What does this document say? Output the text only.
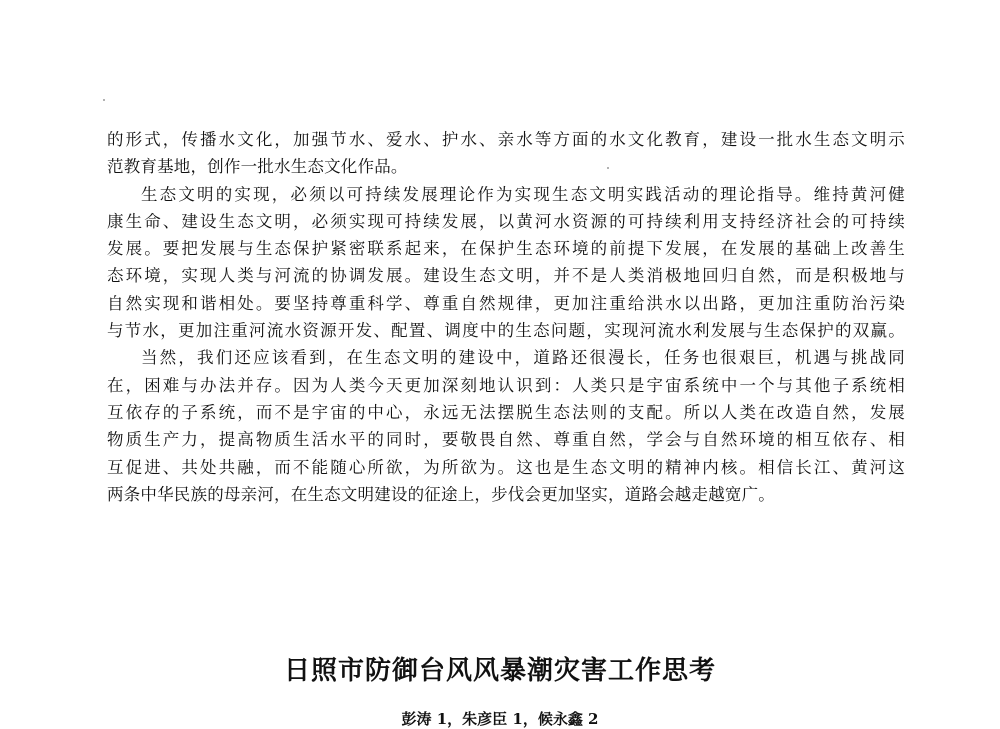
的形式，传播水文化，加强节水、爱水、护水、亲水等方面的水文化教育，建设一批水生态文明示
范教育基地，创作一批水生态文化作品。
生态文明的实现，必须以可持续发展理论作为实现生态文明实践活动的理论指导。维持黄河健
康生命、建设生态文明，必须实现可持续发展，以黄河水资源的可持续利用支持经济社会的可持续
发展。要把发展与生态保护紧密联系起来，在保护生态环境的前提下发展，在发展的基础上改善生
态环境，实现人类与河流的协调发展。建设生态文明，并不是人类消极地回归自然，而是积极地与
自然实现和谐相处。要坚持尊重科学、尊重自然规律，更加注重给洪水以出路，更加注重防治污染
与节水，更加注重河流水资源开发、配置、调度中的生态问题，实现河流水利发展与生态保护的双赢。
当然，我们还应该看到，在生态文明的建设中，道路还很漫长，任务也很艰巨，机遇与挑战同
在，困难与办法并存。因为人类今天更加深刻地认识到：人类只是宇宙系统中一个与其他子系统相
互依存的子系统，而不是宇宙的中心，永远无法摆脱生态法则的支配。所以人类在改造自然，发展
物质生产力，提高物质生活水平的同时，要敬畏自然、尊重自然，学会与自然环境的相互依存、相
互促进、共处共融，而不能随心所欲，为所欲为。这也是生态文明的精神内核。相信长江、黄河这
两条中华民族的母亲河，在生态文明建设的征途上，步伐会更加坚实，道路会越走越宽广。
日照市防御台风风暴潮灾害工作思考
彭涛 1，朱彦臣 1，候永鑫 2
